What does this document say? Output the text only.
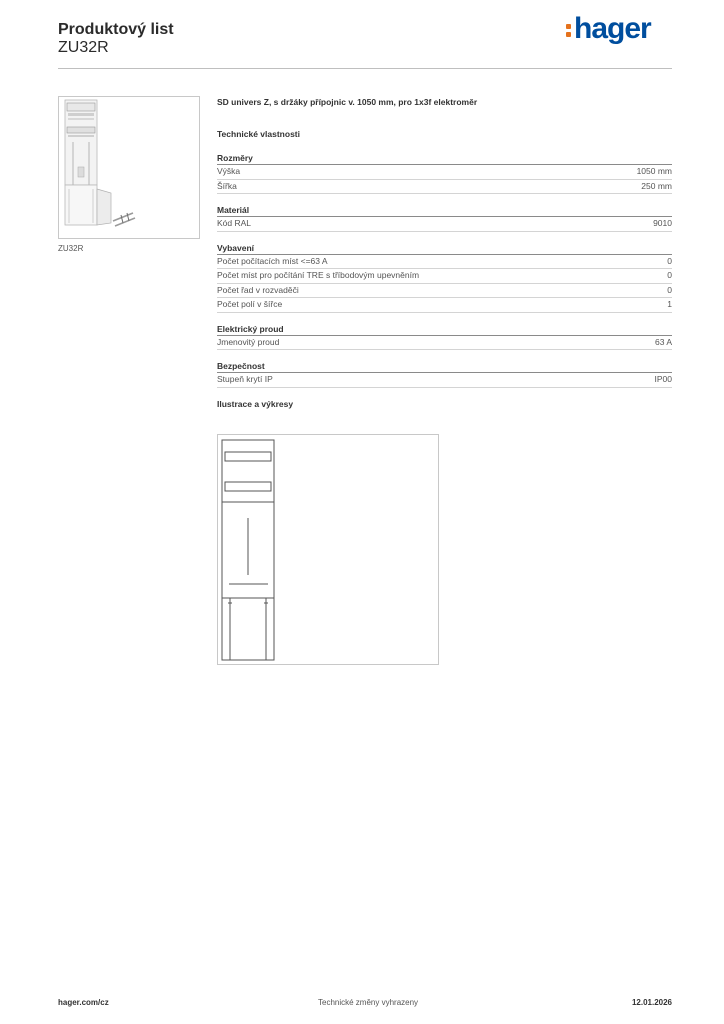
Produktový list
ZU32R
hager
ZU32R
SD univers Z, s držáky přípojnic v. 1050 mm, pro 1x3f elektroměr
Technické vlastnosti
Rozměry
Výška	1050 mm
Šířka	250 mm
Materiál
Kód RAL	9010
Vybavení
Počet počítacích míst <=63 A	0
Počet míst pro počítání TRE s tříbodovým upevněním	0
Počet řad v rozvaděči	0
Počet polí v šířce	1
Elektrický proud
Jmenovitý proud	63 A
Bezpečnost
Stupeň krytí IP	IP00
Ilustrace a výkresy
hager.com/cz	Technické změny vyhrazeny	12.01.2026
